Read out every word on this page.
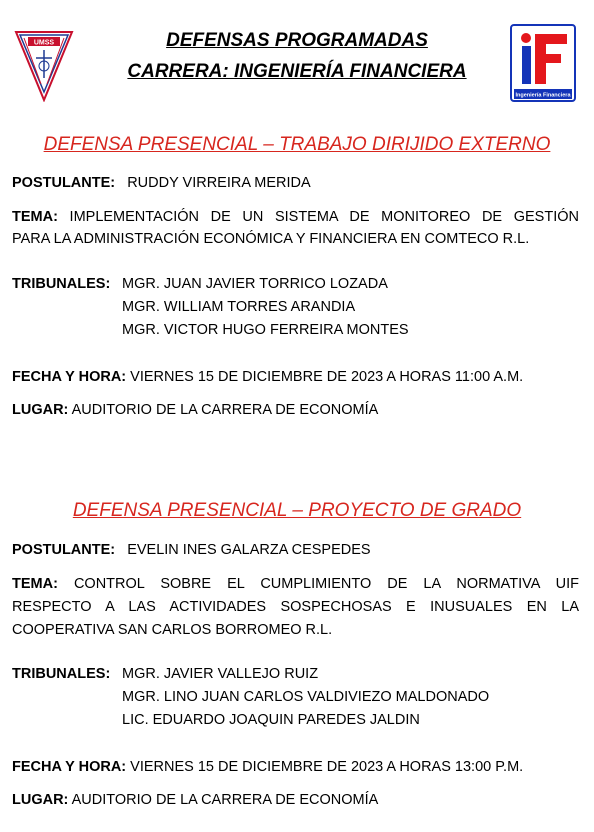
UMSS
Ingeniería Financiera
DEFENSAS PROGRAMADAS
CARRERA: INGENIERÍA FINANCIERA
DEFENSA PRESENCIAL – TRABAJO DIRIJIDO EXTERNO
POSTULANTE: RUDDY VIRREIRA MERIDA
TEMA: IMPLEMENTACIÓN DE UN SISTEMA DE MONITOREO DE GESTIÓN
PARA LA ADMINISTRACIÓN ECONÓMICA Y FINANCIERA EN COMTECO R.L.
TRIBUNALES: MGR. JUAN JAVIER TORRICO LOZADA
MGR. WILLIAM TORRES ARANDIA
MGR. VICTOR HUGO FERREIRA MONTES
FECHA Y HORA: VIERNES 15 DE DICIEMBRE DE 2023 A HORAS 11:00 A.M.
LUGAR: AUDITORIO DE LA CARRERA DE ECONOMÍA
DEFENSA PRESENCIAL – PROYECTO DE GRADO
POSTULANTE: EVELIN INES GALARZA CESPEDES
TEMA: CONTROL SOBRE EL CUMPLIMIENTO DE LA NORMATIVA UIF
RESPECTO A LAS ACTIVIDADES SOSPECHOSAS E INUSUALES EN LA
COOPERATIVA SAN CARLOS BORROMEO R.L.
TRIBUNALES: MGR. JAVIER VALLEJO RUIZ
MGR. LINO JUAN CARLOS VALDIVIEZO MALDONADO
LIC. EDUARDO JOAQUIN PAREDES JALDIN
FECHA Y HORA: VIERNES 15 DE DICIEMBRE DE 2023 A HORAS 13:00 P.M.
LUGAR: AUDITORIO DE LA CARRERA DE ECONOMÍA
